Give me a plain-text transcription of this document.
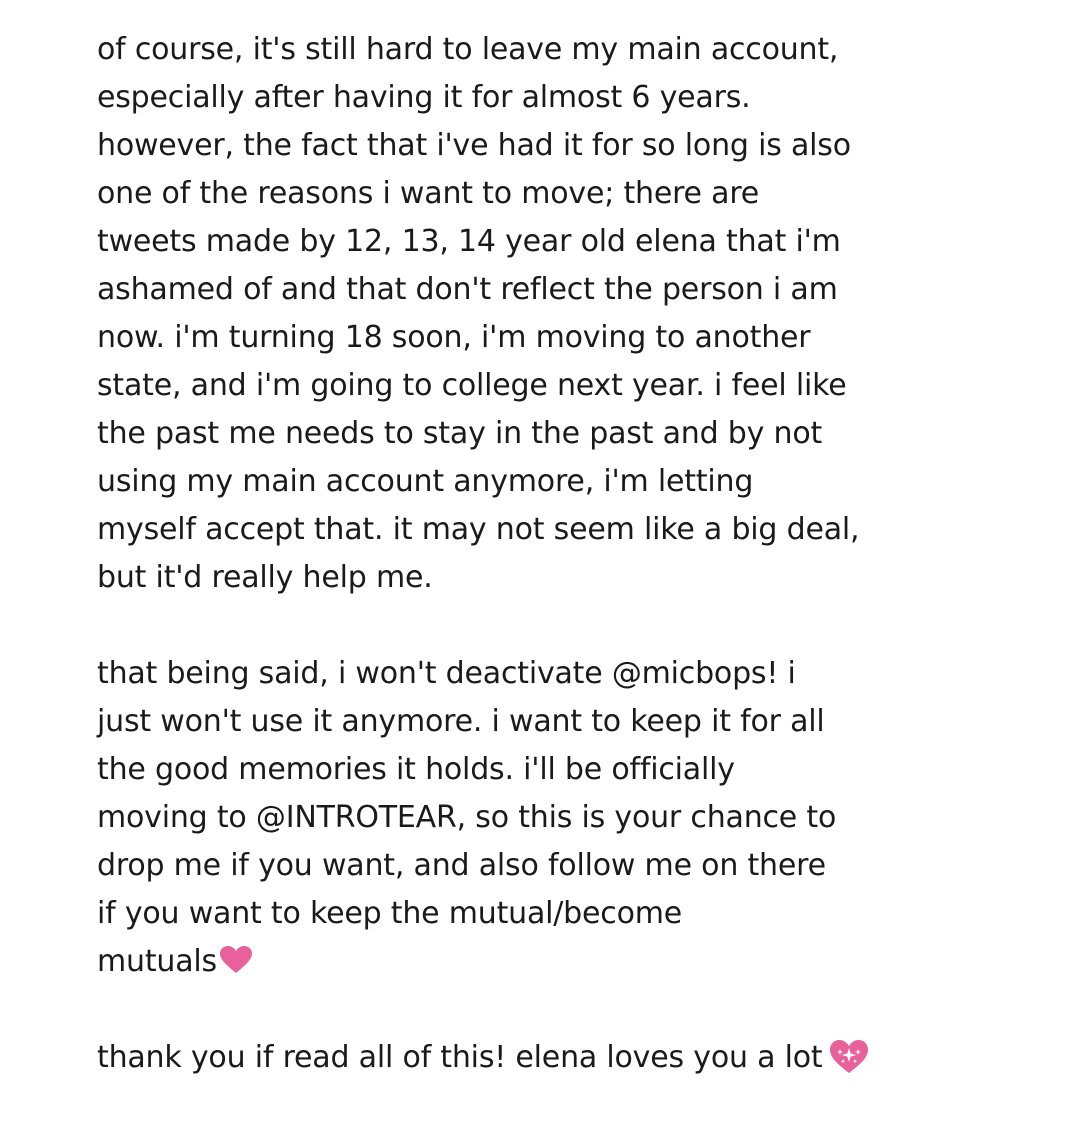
of course, it's still hard to leave my main account,
especially after having it for almost 6 years.
however, the fact that i've had it for so long is also
one of the reasons i want to move; there are
tweets made by 12, 13, 14 year old elena that i'm
ashamed of and that don't reflect the person i am
now. i'm turning 18 soon, i'm moving to another
state, and i'm going to college next year. i feel like
the past me needs to stay in the past and by not
using my main account anymore, i'm letting
myself accept that. it may not seem like a big deal,
but it'd really help me.
that being said, i won't deactivate @micbops! i
just won't use it anymore. i want to keep it for all
the good memories it holds. i'll be officially
moving to @INTROTEAR, so this is your chance to
drop me if you want, and also follow me on there
if you want to keep the mutual/become
mutuals
thank you if read all of this! elena loves you a lot
